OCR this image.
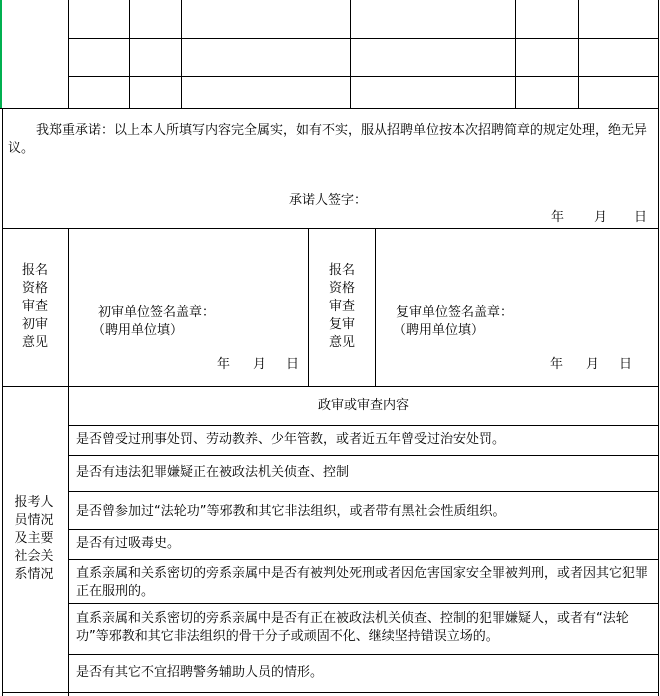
我郑重承诺：以上本人所填写内容完全属实，如有不实，服从招聘单位按本次招聘简章的规定处理，绝无异议。
承诺人签字：
年 月 日
报名资格审查初审意见
初审单位签名盖章：
（聘用单位填）
年 月 日
报名资格审查复审意见
复审单位签名盖章：
（聘用单位填）
年 月 日
报考人员情况及主要社会关系情况
政审或审查内容
是否曾受过刑事处罚、劳动教养、少年管教，或者近五年曾受过治安处罚。
是否有违法犯罪嫌疑正在被政法机关侦查、控制
是否曾参加过“法轮功”等邪教和其它非法组织，或者带有黑社会性质组织。
是否有过吸毒史。
直系亲属和关系密切的旁系亲属中是否有被判处死刑或者因危害国家安全罪被判刑，或者因其它犯罪正在服刑的。
直系亲属和关系密切的旁系亲属中是否有正在被政法机关侦查、控制的犯罪嫌疑人，或者有“法轮功”等邪教和其它非法组织的骨干分子或顽固不化、继续坚持错误立场的。
是否有其它不宜招聘警务辅助人员的情形。
